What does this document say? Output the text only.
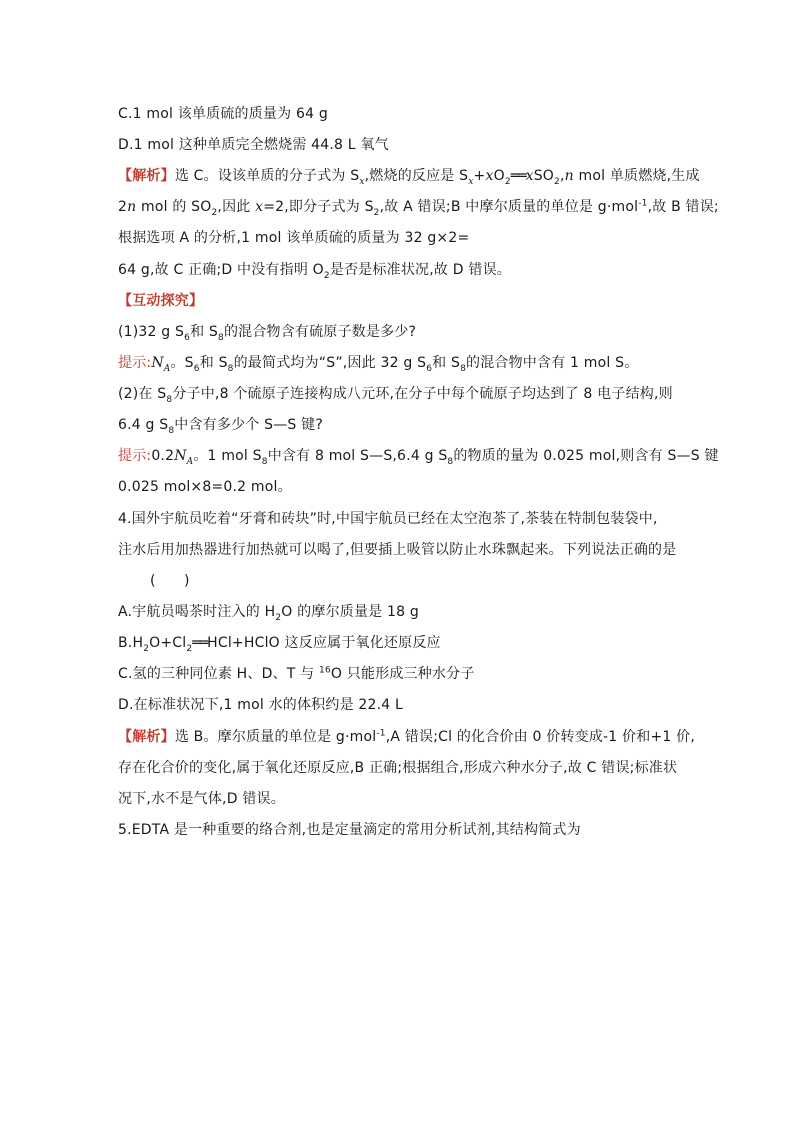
C.1 mol 该单质硫的质量为 64 g
D.1 mol 这种单质完全燃烧需 44.8 L 氧气
【解析】选 C。设该单质的分子式为 $S_x$,燃烧的反应是 $S_x+xO_2══xSO_2,n$ mol 单质燃烧,生成
2n mol 的 $SO_2$,因此 x=2,即分子式为 $S_2$,故 A 错误;B 中摩尔质量的单位是 g·mol$^{-1}$,故 B 错误;
根据选项 A 的分析,1 mol 该单质硫的质量为 32 g×2=
64 g,故 C 正确;D 中没有指明 $O_2$是否是标准状况,故 D 错误。
【互动探究】
(1)32 g $S_6$和 $S_8$的混合物含有硫原子数是多少?
提示$:N_A$。$S_6$和 $S_8$的最简式均为“S”,因此 32 g $S_6$和 $S_8$的混合物中含有 1 mol S。
(2)在 $S_8$分子中,8 个硫原子连接构成八元环,在分子中每个硫原子均达到了 8 电子结构,则
6.4 g $S_8$中含有多少个 S—S 键?
提示$:0.2N_A$。1 mol $S_8$中含有 8 mol S—S,6.4 g $S_8$的物质的量为 0.025 mol,则含有 S—S 键
0.025 mol×8=0.2 mol。
4.国外宇航员吃着“牙膏和砖块”时,中国宇航员已经在太空泡茶了,茶装在特制包装袋中,
注水后用加热器进行加热就可以喝了,但要插上吸管以防止水珠飘起来。下列说法正确的是
(　　)
A.宇航员喝茶时注入的 $H_2O$ 的摩尔质量是 18 g
$B.H_2O+Cl_2══HCl+HClO$ 这反应属于氧化还原反应
C.氢的三种同位素 H、D、T 与 $^{16}$O 只能形成三种水分子
D.在标准状况下,1 mol 水的体积约是 22.4 L
【解析】选 B。摩尔质量的单位是 g·mol$^{-1}$,A 错误;Cl 的化合价由 0 价转变成-1 价和+1 价,
存在化合价的变化,属于氧化还原反应,B 正确;根据组合,形成六种水分子,故 C 错误;标准状
况下,水不是气体,D 错误。
5.EDTA 是一种重要的络合剂,也是定量滴定的常用分析试剂,其结构简式为
